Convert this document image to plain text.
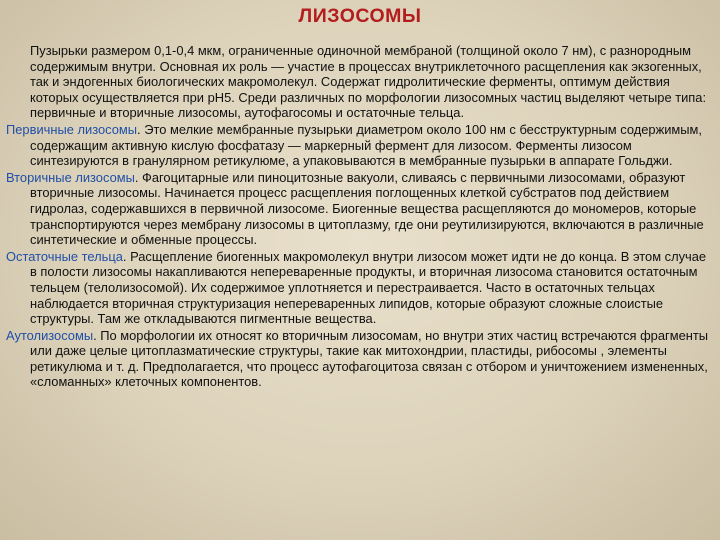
ЛИЗОСОМЫ

Пузырьки размером 0,1-0,4 мкм, ограниченные одиночной мембраной (толщиной около 7 нм), с разнородным содержимым внутри. Основная их роль — участие в процессах внутриклеточного расщепления как экзогенных, так и эндогенных биологических макромолекул. Содержат гидролитические ферменты, оптимум действия которых осуществляется при рН5. Среди различных по морфологии лизосомных частиц выделяют четыре типа: первичные и вторичные лизосомы, аутофагосомы и остаточные тельца.

Первичные лизосомы. Это мелкие мембранные пузырьки диаметром около 100 нм с бесструктурным содержимым, содержащим активную кислую фосфатазу — маркерный фермент для лизосом. Ферменты лизосом синтезируются в гранулярном ретикулюме, а упаковываются в мембранные пузырьки в аппарате Гольджи.

Вторичные лизосомы. Фагоцитарные или пиноцитозные вакуоли, сливаясь с первичными лизосомами, образуют вторичные лизосомы. Начинается процесс расщепления поглощенных клеткой субстратов под действием гидролаз, содержавшихся в первичной лизосоме. Биогенные вещества расщепляются до мономеров, которые транспортируются через мембрану лизосомы в цитоплазму, где они реутилизируются, включаются в различные синтетические и обменные процессы.

Остаточные тельца. Расщепление биогенных макромолекул внутри лизосом может идти не до конца. В этом случае в полости лизосомы накапливаются непереваренные продукты, и вторичная лизосома становится остаточным тельцем (телолизосомой). Их содержимое уплотняется и перестраивается. Часто в остаточных тельцах наблюдается вторичная структуризация непереваренных липидов, которые образуют сложные слоистые структуры. Там же откладываются пигментные вещества.

Аутолизосомы. По морфологии их относят ко вторичным лизосомам, но внутри этих частиц встречаются фрагменты или даже целые цитоплазматические структуры, такие как митохондрии, пластиды, рибосомы , элементы ретикулюма и т. д. Предполагается, что процесс аутофагоцитоза связан с отбором и уничтожением измененных, «сломанных» клеточных компонентов.
